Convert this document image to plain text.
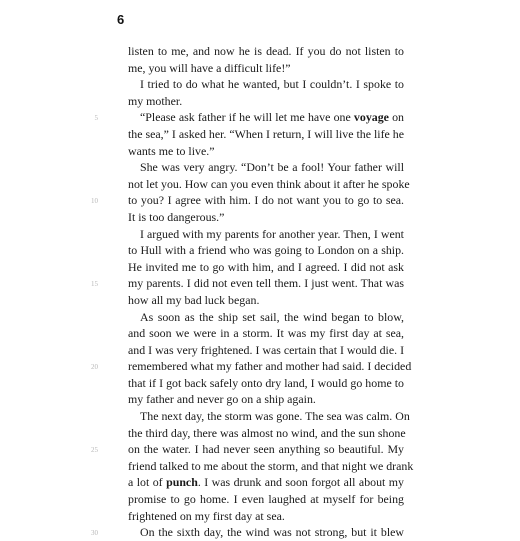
6
listen to me, and now he is dead. If you do not listen to
me, you will have a difficult life!”
I tried to do what he wanted, but I couldn’t. I spoke to
my mother.
“Please ask father if he will let me have one voyage on
the sea,” I asked her. “When I return, I will live the life he
wants me to live.”
She was very angry. “Don’t be a fool! Your father will
not let you. How can you even think about it after he spoke
to you? I agree with him. I do not want you to go to sea.
It is too dangerous.”
I argued with my parents for another year. Then, I went
to Hull with a friend who was going to London on a ship.
He invited me to go with him, and I agreed. I did not ask
my parents. I did not even tell them. I just went. That was
how all my bad luck began.
As soon as the ship set sail, the wind began to blow,
and soon we were in a storm. It was my first day at sea,
and I was very frightened. I was certain that I would die. I
remembered what my father and mother had said. I decided
that if I got back safely onto dry land, I would go home to
my father and never go on a ship again.
The next day, the storm was gone. The sea was calm. On
the third day, there was almost no wind, and the sun shone
on the water. I had never seen anything so beautiful. My
friend talked to me about the storm, and that night we drank
a lot of punch. I was drunk and soon forgot all about my
promise to go home. I even laughed at myself for being
frightened on my first day at sea.
On the sixth day, the wind was not strong, but it blew
5
10
15
20
25
30
